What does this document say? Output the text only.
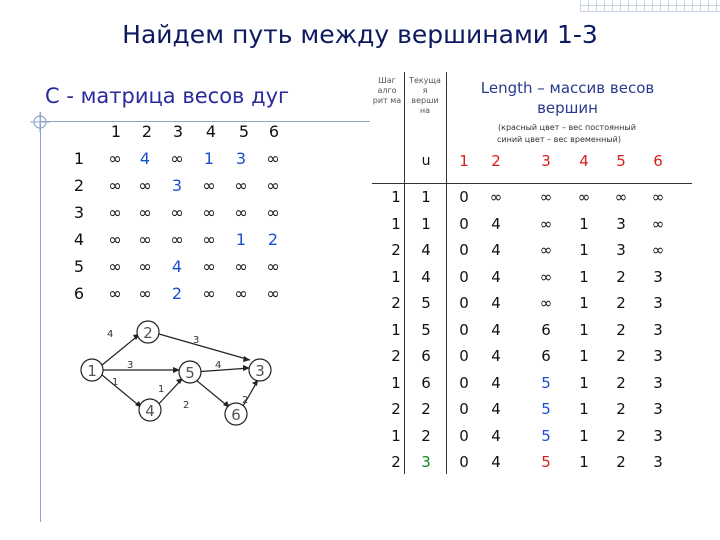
Найдем путь между вершинами 1-3
C - матрица весов дуг
1	2	3	4	5	6
1	∞	4	∞	1	3	∞
2	∞	∞	3	∞	∞	∞
3	∞	∞	∞	∞	∞	∞
4	∞	∞	∞	∞	1	2
5	∞	∞	4	∞	∞	∞
6	∞	∞	2	∞	∞	∞
1
2
3
4
5
6
4
3
3
1
4
1
2	2
Шаг алго рит ма
Текуща я верши на
Length – массив весов вершин
(красный цвет – вес постоянный
синий цвет – вес временный)
u	1	2	3	4	5	6
1	1	0	∞	∞	∞	∞	∞
1	1	0	4	∞	1	3	∞
2	4	0	4	∞	1	3	∞
1	4	0	4	∞	1	2	3
2	5	0	4	∞	1	2	3
1	5	0	4	6	1	2	3
2	6	0	4	6	1	2	3
1	6	0	4	5	1	2	3
2	2	0	4	5	1	2	3
1	2	0	4	5	1	2	3
2	3	0	4	5	1	2	3
